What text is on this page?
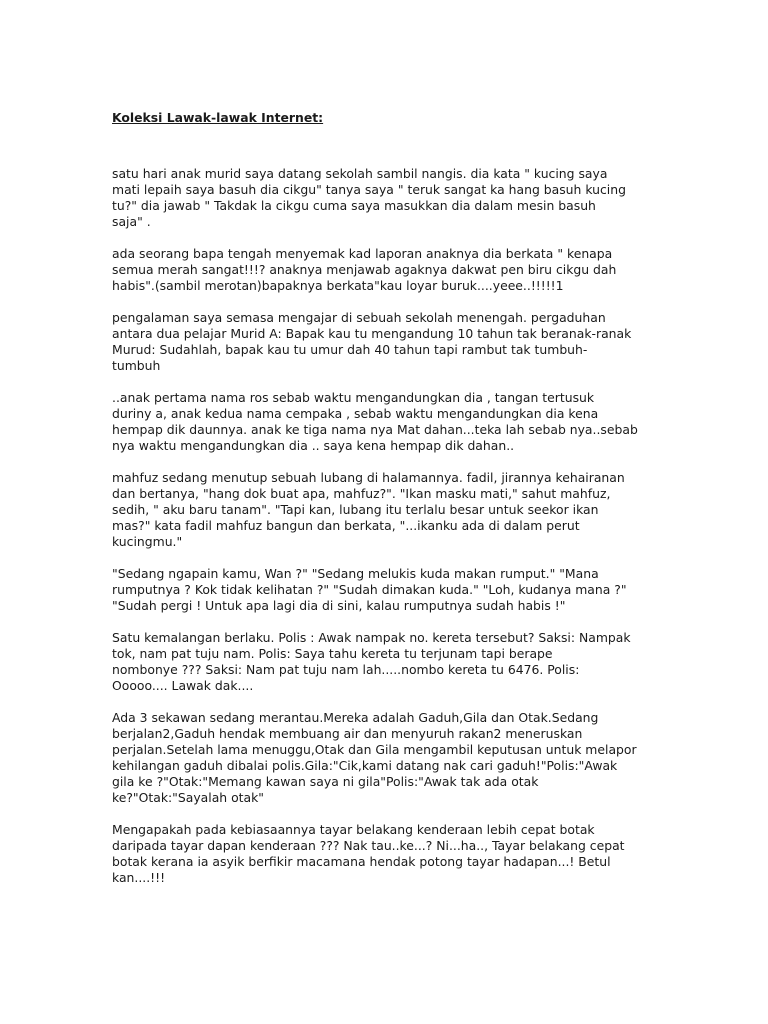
Koleksi Lawak-lawak Internet:
satu hari anak murid saya datang sekolah sambil nangis. dia kata " kucing saya
mati lepaih saya basuh dia cikgu" tanya saya " teruk sangat ka hang basuh kucing
tu?" dia jawab " Takdak la cikgu cuma saya masukkan dia dalam mesin basuh
saja" .
ada seorang bapa tengah menyemak kad laporan anaknya dia berkata " kenapa
semua merah sangat!!!? anaknya menjawab agaknya dakwat pen biru cikgu dah
habis".(sambil merotan)bapaknya berkata"kau loyar buruk....yeee..!!!!!1
pengalaman saya semasa mengajar di sebuah sekolah menengah. pergaduhan
antara dua pelajar Murid A: Bapak kau tu mengandung 10 tahun tak beranak-ranak
Murud: Sudahlah, bapak kau tu umur dah 40 tahun tapi rambut tak tumbuh-
tumbuh
..anak pertama nama ros sebab waktu mengandungkan dia , tangan tertusuk
duriny a, anak kedua nama cempaka , sebab waktu mengandungkan dia kena
hempap dik daunnya. anak ke tiga nama nya Mat dahan...teka lah sebab nya..sebab
nya waktu mengandungkan dia .. saya kena hempap dik dahan..
mahfuz sedang menutup sebuah lubang di halamannya. fadil, jirannya kehairanan
dan bertanya, "hang dok buat apa, mahfuz?". "Ikan masku mati," sahut mahfuz,
sedih, " aku baru tanam". "Tapi kan, lubang itu terlalu besar untuk seekor ikan
mas?" kata fadil mahfuz bangun dan berkata, "...ikanku ada di dalam perut
kucingmu."
"Sedang ngapain kamu, Wan ?" "Sedang melukis kuda makan rumput." "Mana
rumputnya ? Kok tidak kelihatan ?" "Sudah dimakan kuda." "Loh, kudanya mana ?"
"Sudah pergi ! Untuk apa lagi dia di sini, kalau rumputnya sudah habis !"
Satu kemalangan berlaku. Polis : Awak nampak no. kereta tersebut? Saksi: Nampak
tok, nam pat tuju nam. Polis: Saya tahu kereta tu terjunam tapi berape
nombonye ??? Saksi: Nam pat tuju nam lah.....nombo kereta tu 6476. Polis:
Ooooo.... Lawak dak....
Ada 3 sekawan sedang merantau.Mereka adalah Gaduh,Gila dan Otak.Sedang
berjalan2,Gaduh hendak membuang air dan menyuruh rakan2 meneruskan
perjalan.Setelah lama menuggu,Otak dan Gila mengambil keputusan untuk melapor
kehilangan gaduh dibalai polis.Gila:"Cik,kami datang nak cari gaduh!"Polis:"Awak
gila ke ?"Otak:"Memang kawan saya ni gila"Polis:"Awak tak ada otak
ke?"Otak:"Sayalah otak"
Mengapakah pada kebiasaannya tayar belakang kenderaan lebih cepat botak
daripada tayar dapan kenderaan ??? Nak tau..ke...? Ni...ha.., Tayar belakang cepat
botak kerana ia asyik berfikir macamana hendak potong tayar hadapan...! Betul
kan....!!!
